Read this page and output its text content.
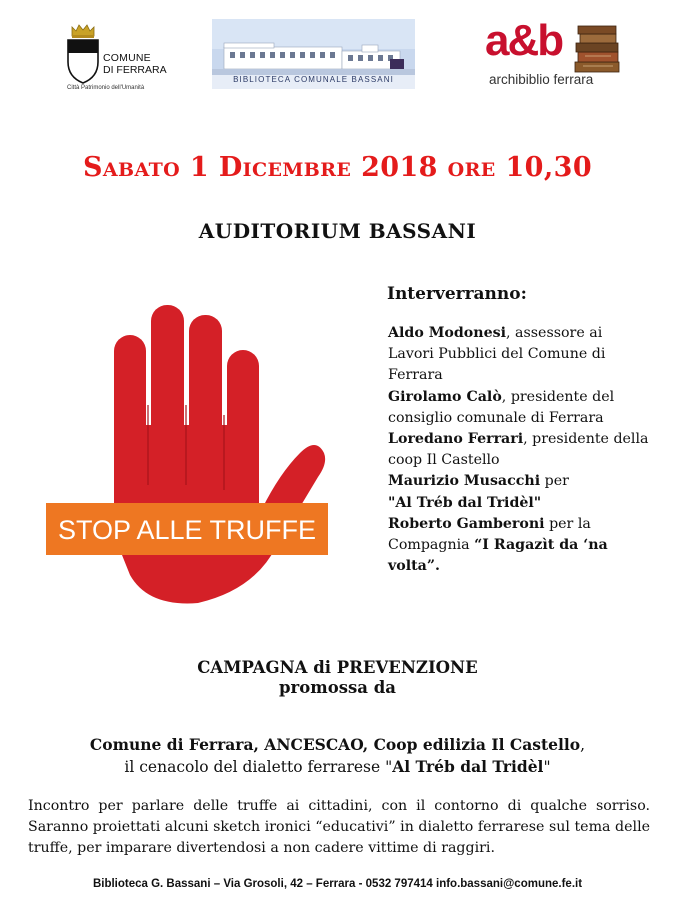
COMUNE
DI FERRARA
Città Patrimonio dell'Umanità
BIBLIOTECA COMUNALE BASSANI
a&b
archibiblio ferrara
Sabato 1 Dicembre 2018 ore 10,30
AUDITORIUM BASSANI
STOP ALLE TRUFFE
Interverranno:

Aldo Modonesi, assessore ai Lavori Pubblici del Comune di Ferrara

Girolamo Calò, presidente del consiglio comunale di Ferrara

Loredano Ferrari, presidente della coop Il Castello

Maurizio Musacchi per
"Al Tréb dal Tridèl"

Roberto Gamberoni per la Compagnia “I Ragazìt da ‘na volta”.

CAMPAGNA di PREVENZIONE
promossa da
Comune di Ferrara, ANCESCAO, Coop edilizia Il Castello,
il cenacolo del dialetto ferrarese "Al Tréb dal Tridèl"
Incontro per parlare delle truffe ai cittadini, con il contorno di qualche sorriso. Saranno proiettati alcuni sketch ironici “educativi” in dialetto ferrarese sul tema delle truffe, per imparare divertendosi a non cadere vittime di raggiri.
Biblioteca G. Bassani – Via Grosoli, 42 – Ferrara - 0532 797414 info.bassani@comune.fe.it
